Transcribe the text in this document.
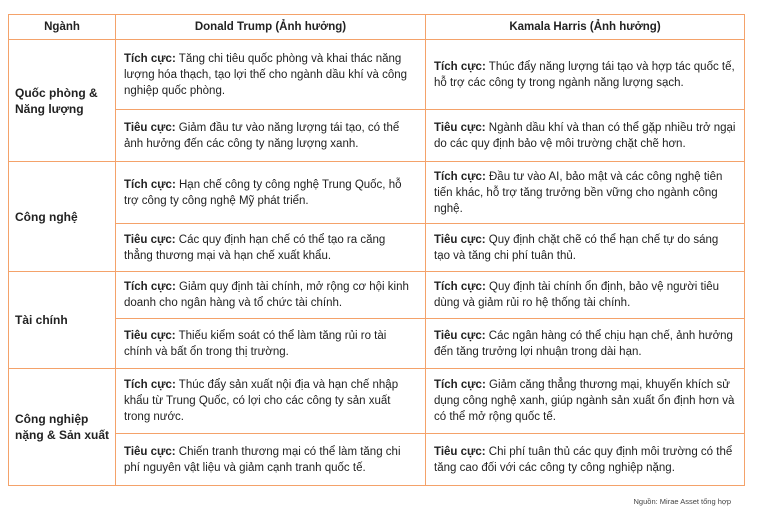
Ngành	Donald Trump (Ảnh hưởng)	Kamala Harris (Ảnh hưởng)
Quốc phòng & Năng lượng	Tích cực: Tăng chi tiêu quốc phòng và khai thác năng lượng hóa thạch, tạo lợi thế cho ngành dầu khí và công nghiệp quốc phòng.	Tích cực: Thúc đẩy năng lượng tái tạo và hợp tác quốc tế, hỗ trợ các công ty trong ngành năng lượng sạch.
	Tiêu cực: Giảm đầu tư vào năng lượng tái tạo, có thể ảnh hưởng đến các công ty năng lượng xanh.	Tiêu cực: Ngành dầu khí và than có thể gặp nhiều trở ngại do các quy định bảo vệ môi trường chặt chẽ hơn.
Công nghệ	Tích cực: Hạn chế công ty công nghệ Trung Quốc, hỗ trợ công ty công nghệ Mỹ phát triển.	Tích cực: Đầu tư vào AI, bảo mật và các công nghệ tiên tiến khác, hỗ trợ tăng trưởng bền vững cho ngành công nghệ.
	Tiêu cực: Các quy định hạn chế có thể tạo ra căng thẳng thương mại và hạn chế xuất khẩu.	Tiêu cực: Quy định chặt chẽ có thể hạn chế tự do sáng tạo và tăng chi phí tuân thủ.
Tài chính	Tích cực: Giảm quy định tài chính, mở rộng cơ hội kinh doanh cho ngân hàng và tổ chức tài chính.	Tích cực: Quy định tài chính ổn định, bảo vệ người tiêu dùng và giảm rủi ro hệ thống tài chính.
	Tiêu cực: Thiếu kiểm soát có thể làm tăng rủi ro tài chính và bất ổn trong thị trường.	Tiêu cực: Các ngân hàng có thể chịu hạn chế, ảnh hưởng đến tăng trưởng lợi nhuận trong dài hạn.
Công nghiệp nặng & Sản xuất	Tích cực: Thúc đẩy sản xuất nội địa và hạn chế nhập khẩu từ Trung Quốc, có lợi cho các công ty sản xuất trong nước.	Tích cực: Giảm căng thẳng thương mại, khuyến khích sử dụng công nghệ xanh, giúp ngành sản xuất ổn định hơn và có thể mở rộng quốc tế.
	Tiêu cực: Chiến tranh thương mại có thể làm tăng chi phí nguyên vật liệu và giảm cạnh tranh quốc tế.	Tiêu cực: Chi phí tuân thủ các quy định môi trường có thể tăng cao đối với các công ty công nghiệp nặng.
Nguồn: Mirae Asset tổng hợp
